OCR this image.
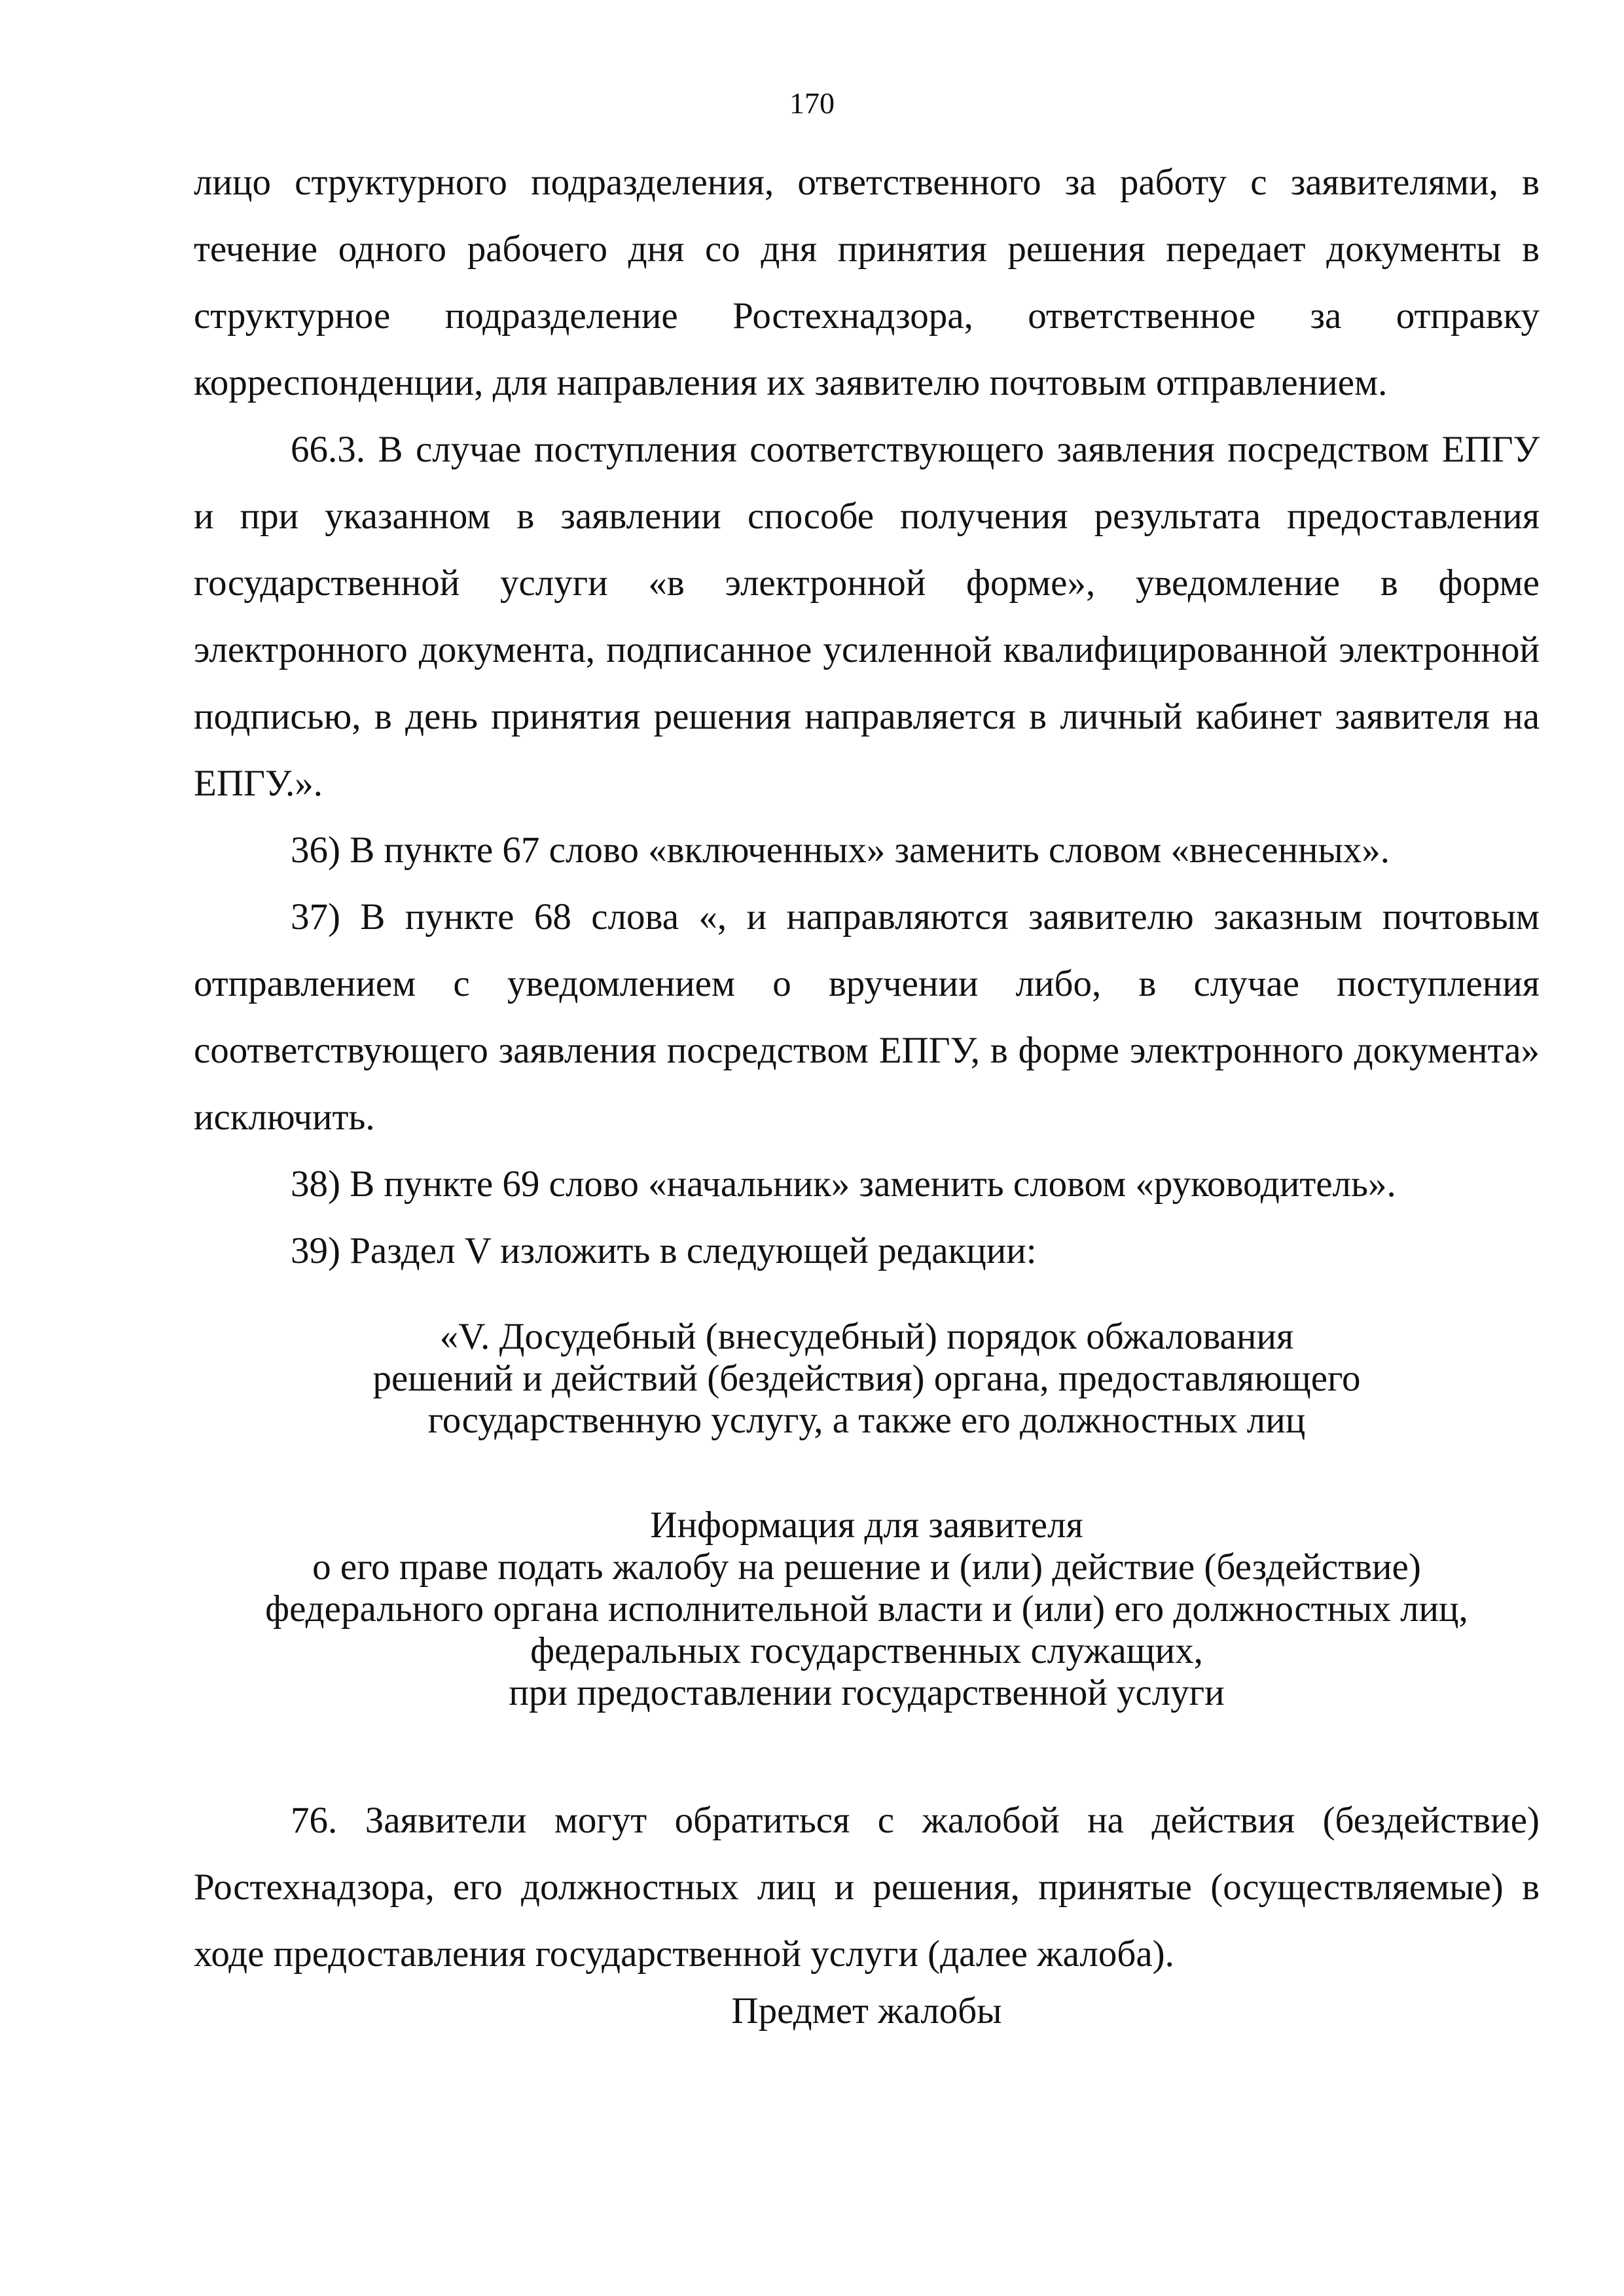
170

лицо структурного подразделения, ответственного за работу с заявителями, в течение одного рабочего дня со дня принятия решения передает документы в структурное подразделение Ростехнадзора, ответственное за отправку корреспонденции, для направления их заявителю почтовым отправлением.

66.3. В случае поступления соответствующего заявления посредством ЕПГУ и при указанном в заявлении способе получения результата предоставления государственной услуги «в электронной форме», уведомление в форме электронного документа, подписанное усиленной квалифицированной электронной подписью, в день принятия решения направляется в личный кабинет заявителя на ЕПГУ.».

36) В пункте 67 слово «включенных» заменить словом «внесенных».

37) В пункте 68 слова «, и направляются заявителю заказным почтовым отправлением с уведомлением о вручении либо, в случае поступления соответствующего заявления посредством ЕПГУ, в форме электронного документа» исключить.

38) В пункте 69 слово «начальник» заменить словом «руководитель».

39) Раздел V изложить в следующей редакции:

«V. Досудебный (внесудебный) порядок обжалования
решений и действий (бездействия) органа, предоставляющего
государственную услугу, а также его должностных лиц
Информация для заявителя
о его праве подать жалобу на решение и (или) действие (бездействие)
федерального органа исполнительной власти и (или) его должностных лиц,
федеральных государственных служащих,
при предоставлении государственной услуги

76. Заявители могут обратиться с жалобой на действия (бездействие) Ростехнадзора, его должностных лиц и решения, принятые (осуществляемые) в ходе предоставления государственной услуги (далее жалоба).

Предмет жалобы
